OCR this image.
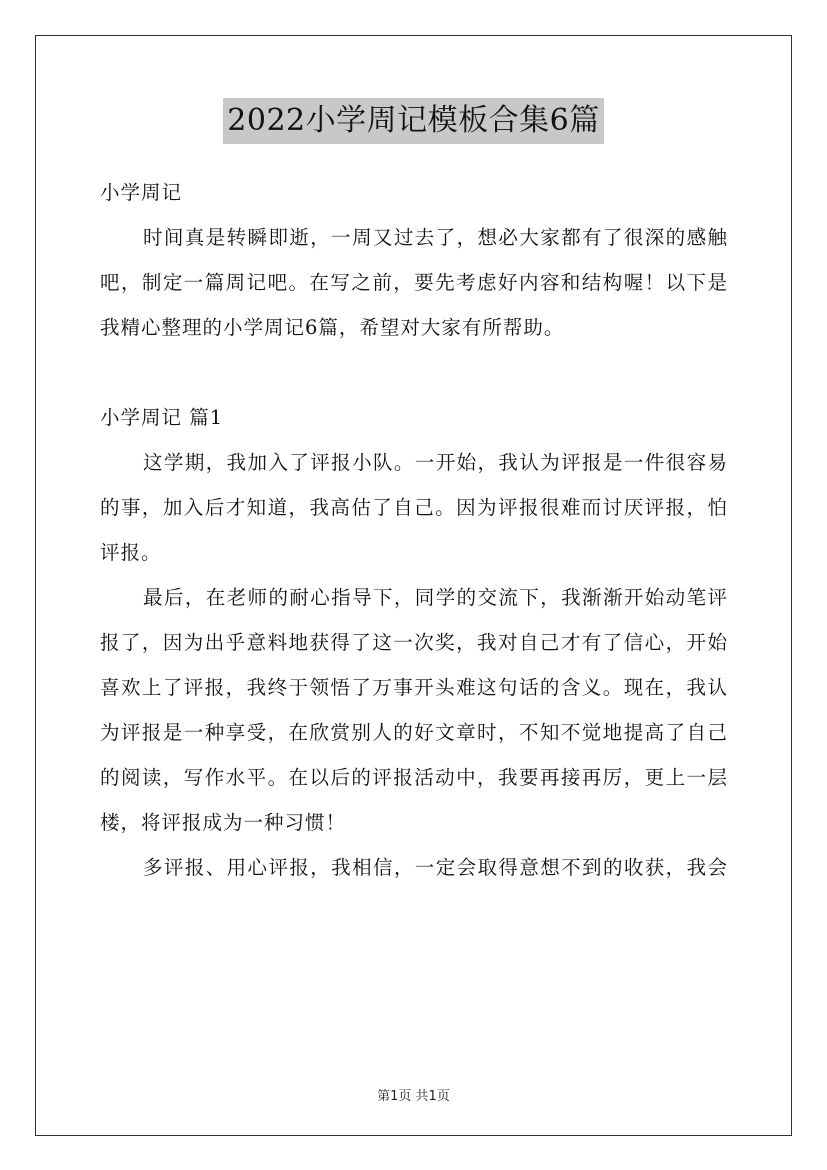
2022小学周记模板合集6篇
小学周记
时间真是转瞬即逝，一周又过去了，想必大家都有了很深的感触
吧，制定一篇周记吧。在写之前，要先考虑好内容和结构喔！以下是
我精心整理的小学周记6篇，希望对大家有所帮助。
小学周记 篇1
这学期，我加入了评报小队。一开始，我认为评报是一件很容易
的事，加入后才知道，我高估了自己。因为评报很难而讨厌评报，怕
评报。
最后，在老师的耐心指导下，同学的交流下，我渐渐开始动笔评
报了，因为出乎意料地获得了这一次奖，我对自己才有了信心，开始
喜欢上了评报，我终于领悟了万事开头难这句话的含义。现在，我认
为评报是一种享受，在欣赏别人的好文章时，不知不觉地提高了自己
的阅读，写作水平。在以后的评报活动中，我要再接再厉，更上一层
楼，将评报成为一种习惯！
多评报、用心评报，我相信，一定会取得意想不到的收获，我会
第1页 共1页
